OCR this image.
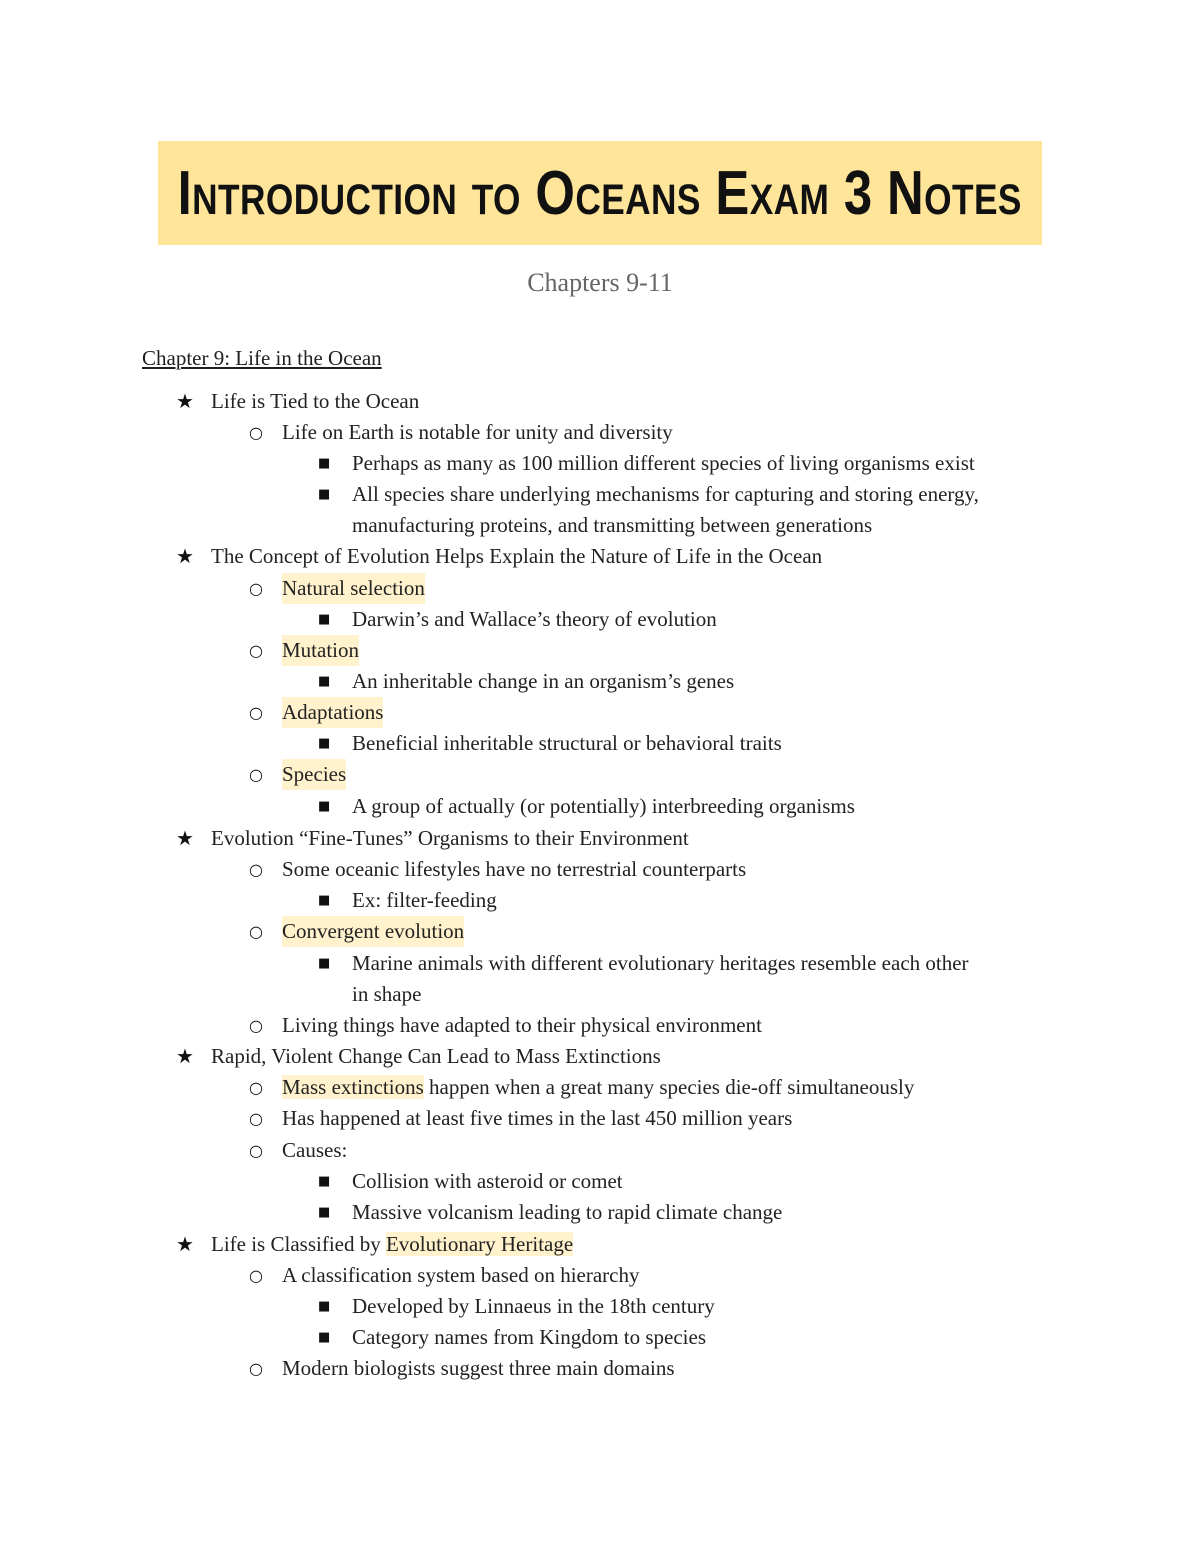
Introduction to Oceans Exam 3 Notes
Chapters 9-11
Chapter 9: Life in the Ocean
★ Life is Tied to the Ocean
○ Life on Earth is notable for unity and diversity
■ Perhaps as many as 100 million different species of living organisms exist
■ All species share underlying mechanisms for capturing and storing energy,
manufacturing proteins, and transmitting between generations
★ The Concept of Evolution Helps Explain the Nature of Life in the Ocean
○ Natural selection
■ Darwin’s and Wallace’s theory of evolution
○ Mutation
■ An inheritable change in an organism’s genes
○ Adaptations
■ Beneficial inheritable structural or behavioral traits
○ Species
■ A group of actually (or potentially) interbreeding organisms
★ Evolution “Fine-Tunes” Organisms to their Environment
○ Some oceanic lifestyles have no terrestrial counterparts
■ Ex: filter-feeding
○ Convergent evolution
■ Marine animals with different evolutionary heritages resemble each other
in shape
○ Living things have adapted to their physical environment
★ Rapid, Violent Change Can Lead to Mass Extinctions
○ Mass extinctions happen when a great many species die-off simultaneously
○ Has happened at least five times in the last 450 million years
○ Causes:
■ Collision with asteroid or comet
■ Massive volcanism leading to rapid climate change
★ Life is Classified by Evolutionary Heritage
○ A classification system based on hierarchy
■ Developed by Linnaeus in the 18th century
■ Category names from Kingdom to species
○ Modern biologists suggest three main domains
